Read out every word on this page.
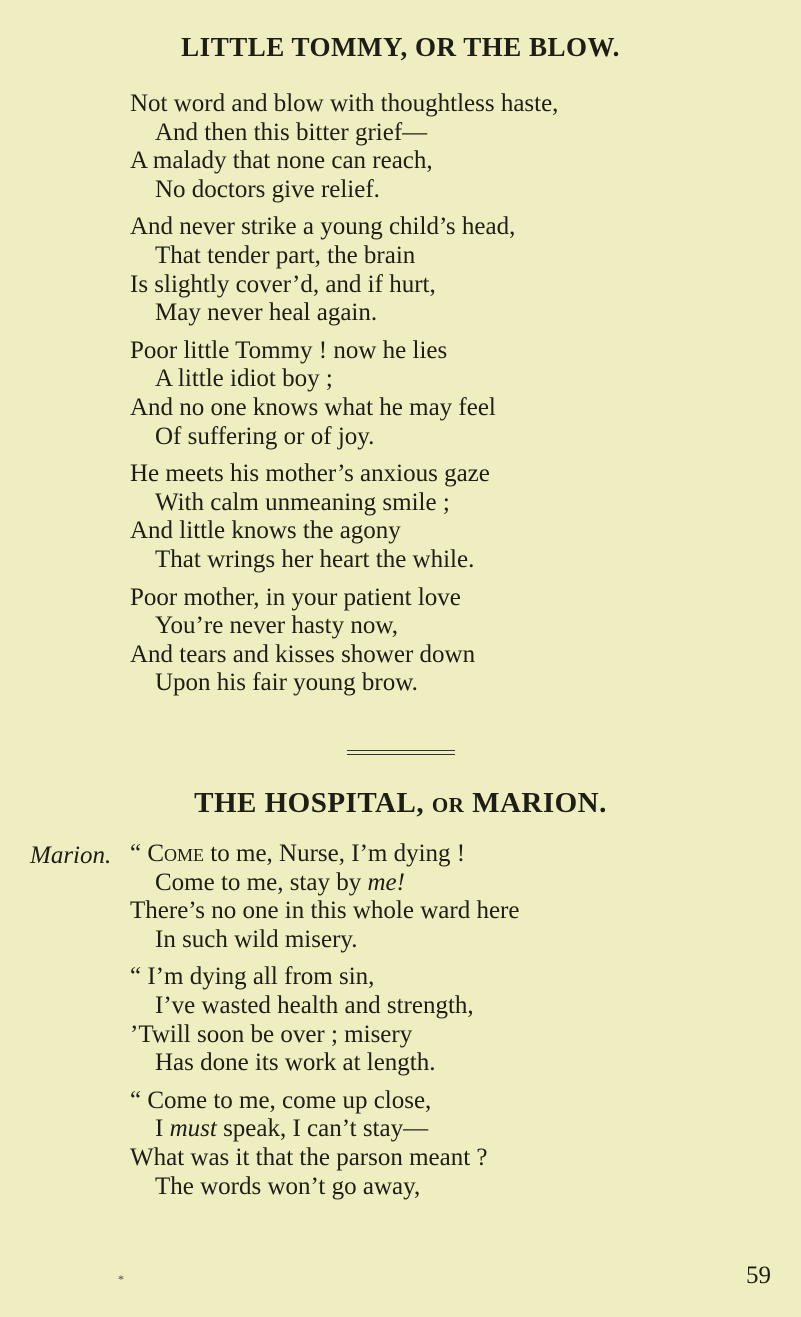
LITTLE TOMMY, OR THE BLOW.
Not word and blow with thoughtless haste,
And then this bitter grief—
A malady that none can reach,
No doctors give relief.
And never strike a young child’s head,
That tender part, the brain
Is slightly cover’d, and if hurt,
May never heal again.
Poor little Tommy ! now he lies
A little idiot boy ;
And no one knows what he may feel
Of suffering or of joy.
He meets his mother’s anxious gaze
With calm unmeaning smile ;
And little knows the agony
That wrings her heart the while.
Poor mother, in your patient love
You’re never hasty now,
And tears and kisses shower down
Upon his fair young brow.
THE HOSPITAL, OR MARION.
Marion. “ Come to me, Nurse, I’m dying !
Come to me, stay by me!
There’s no one in this whole ward here
In such wild misery.
“ I’m dying all from sin,
I’ve wasted health and strength,
’Twill soon be over ; misery
Has done its work at length.
“ Come to me, come up close,
I must speak, I can’t stay—
What was it that the parson meant ?
The words won’t go away,
*	59
